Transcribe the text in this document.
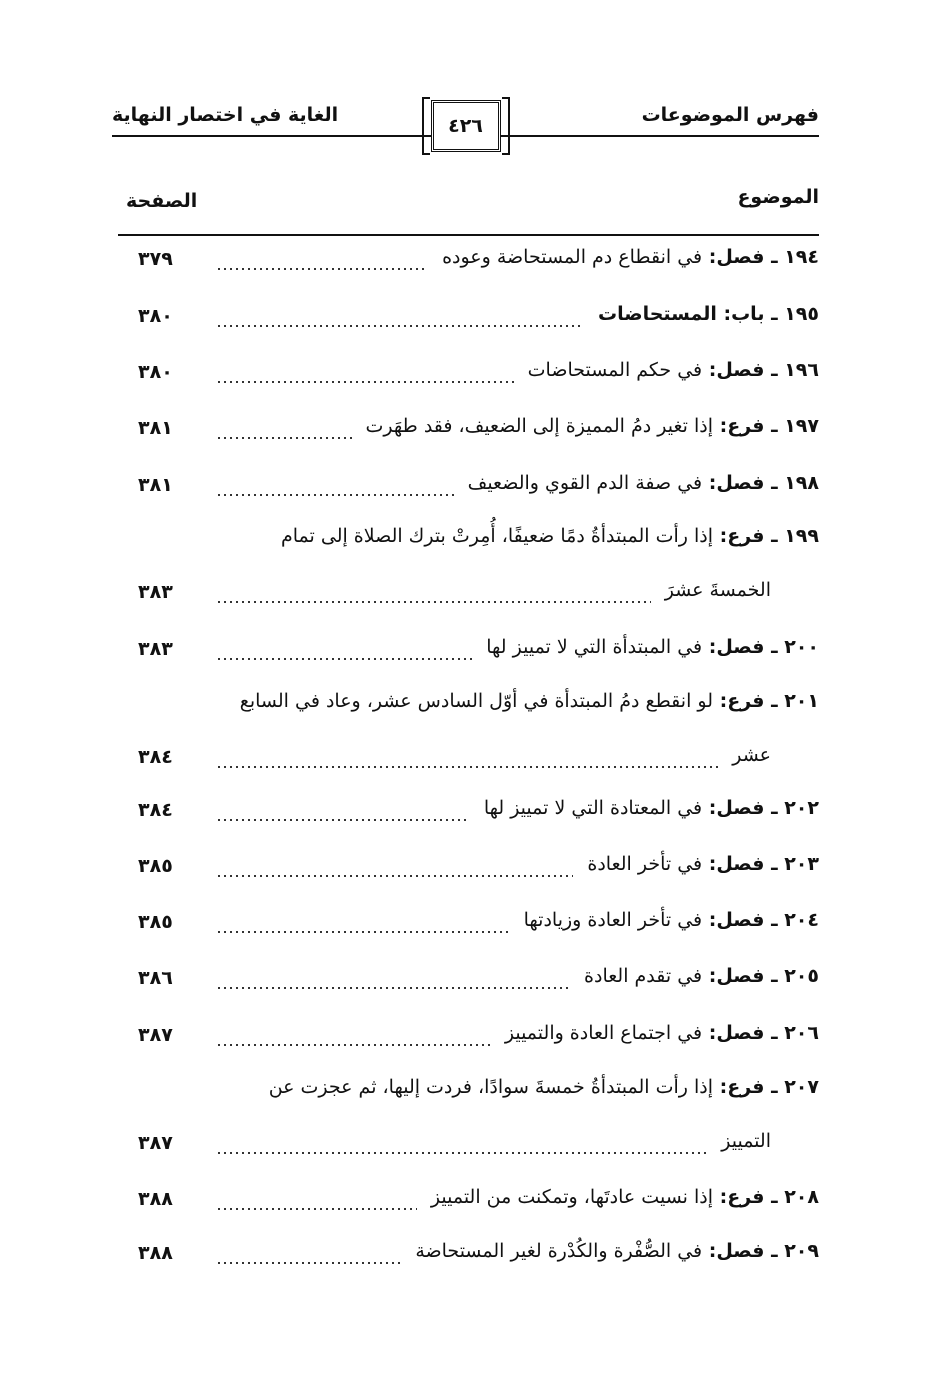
فهرس الموضوعات
الغاية في اختصار النهاية	٤٢٦
الموضوع
الصفحة
١٩٤ ـ فصل: في انقطاع دم المستحاضة وعوده
٣٧٩
١٩٥ ـ باب: المستحاضات
٣٨٠
١٩٦ ـ فصل: في حكم المستحاضات
٣٨٠
١٩٧ ـ فرع: إذا تغير دمُ المميزة إلى الضعيف، فقد طهَرت
٣٨١
١٩٨ ـ فصل: في صفة الدم القوي والضعيف
٣٨١
١٩٩ ـ فرع: إذا رأت المبتدأةُ دمًا ضعيفًا، أُمِرتْ بترك الصلاة إلى تمام
الخمسةَ عشرَ
٣٨٣
٢٠٠ ـ فصل: في المبتدأة التي لا تمييز لها
٣٨٣
٢٠١ ـ فرع: لو انقطع دمُ المبتدأة في أوّل السادس عشر، وعاد في السابع
عشر
٣٨٤
٢٠٢ ـ فصل: في المعتادة التي لا تمييز لها
٣٨٤
٢٠٣ ـ فصل: في تأخر العادة
٣٨٥
٢٠٤ ـ فصل: في تأخر العادة وزيادتها
٣٨٥
٢٠٥ ـ فصل: في تقدم العادة
٣٨٦
٢٠٦ ـ فصل: في اجتماع العادة والتمييز
٣٨٧
٢٠٧ ـ فرع: إذا رأت المبتدأةُ خمسةَ سوادًا، فردت إليها، ثم عجزت عن
التمييز
٣٨٧
٢٠٨ ـ فرع: إذا نسيت عادتَها، وتمكنت من التمييز
٣٨٨
٢٠٩ ـ فصل: في الصُّفْرة والكُدْرة لغير المستحاضة
٣٨٨
